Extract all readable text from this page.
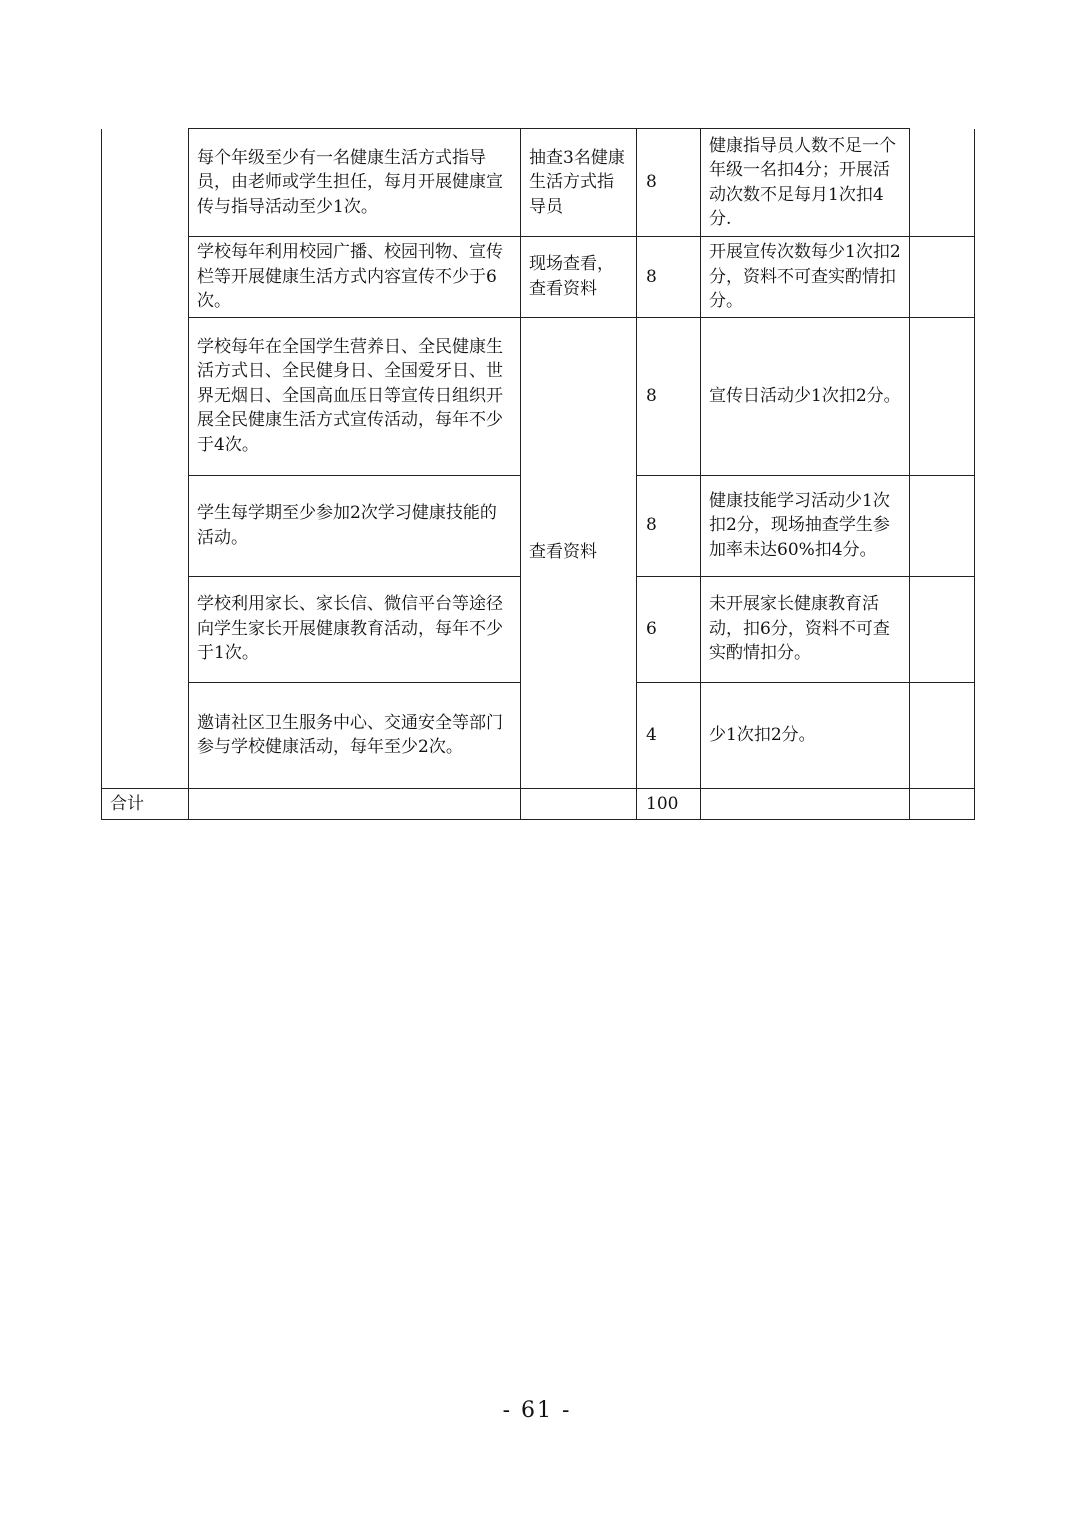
	每个年级至少有一名健康生活方式指导员，由老师或学生担任，每月开展健康宣传与指导活动至少1次。	抽查3名健康生活方式指导员	8	健康指导员人数不足一个年级一名扣4分；开展活动次数不足每月1次扣4分.	
	学校每年利用校园广播、校园刊物、宣传栏等开展健康生活方式内容宣传不少于6次。	现场查看，查看资料	8	开展宣传次数每少1次扣2分，资料不可查实酌情扣分。	
	学校每年在全国学生营养日、全民健康生活方式日、全民健身日、全国爱牙日、世界无烟日、全国高血压日等宣传日组织开展全民健康生活方式宣传活动，每年不少于4次。	查看资料	8	宣传日活动少1次扣2分。	
	学生每学期至少参加2次学习健康技能的活动。		8	健康技能学习活动少1次扣2分，现场抽查学生参加率未达60%扣4分。	
	学校利用家长、家长信、微信平台等途径向学生家长开展健康教育活动，每年不少于1次。		6	未开展家长健康教育活动，扣6分，资料不可查实酌情扣分。	
	邀请社区卫生服务中心、交通安全等部门参与学校健康活动，每年至少2次。		4	少1次扣2分。	
合计			100		
- 61 -
